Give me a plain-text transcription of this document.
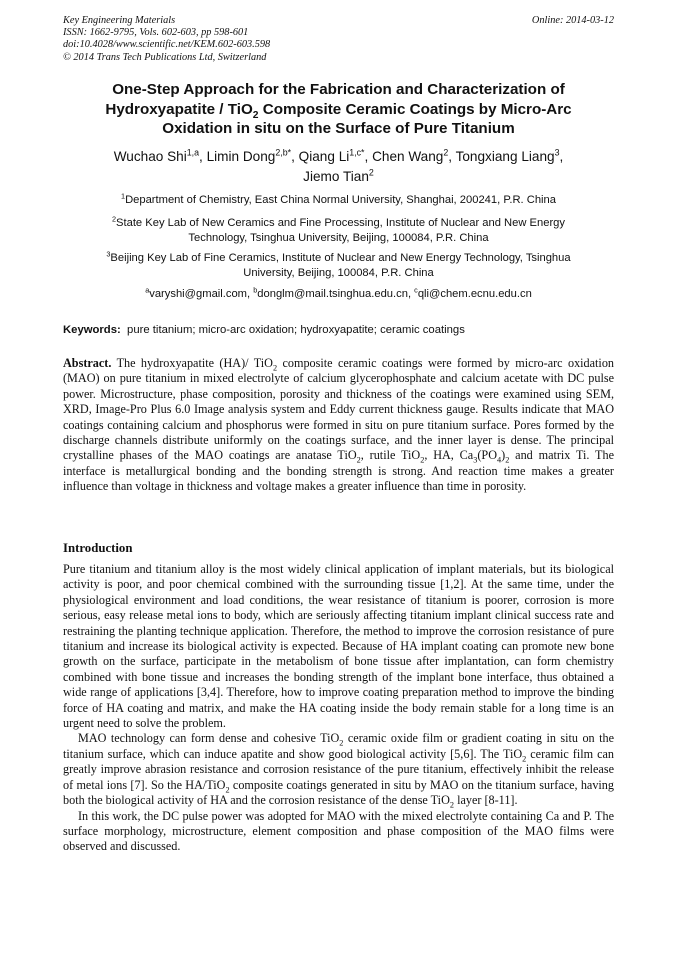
Key Engineering Materials
ISSN: 1662-9795, Vols. 602-603, pp 598-601
doi:10.4028/www.scientific.net/KEM.602-603.598
© 2014 Trans Tech Publications Ltd, Switzerland
Online: 2014-03-12
One-Step Approach for the Fabrication and Characterization of
Hydroxyapatite / TiO$_2$ Composite Ceramic Coatings by Micro-Arc
Oxidation in situ on the Surface of Pure Titanium
Wuchao Shi$^{1,a}$, Limin Dong$^{2,b*}$, Qiang $Li^{1,c*}$, Chen Wang$^2$, Tongxiang Liang$^3$,
Jiemo Tian$^2$
$^1$Department of Chemistry, East China Normal University, Shanghai, 200241, P.R. China
$^2$State Key Lab of New Ceramics and Fine Processing, Institute of Nuclear and New Energy
Technology, Tsinghua University, Beijing, 100084, P.R. China
$^3$Beijing Key Lab of Fine Ceramics, Institute of Nuclear and New Energy Technology, Tsinghua
University, Beijing, 100084, P.R. China
$^a$varyshi@gmail.com, $^b$donglm@mail.tsinghua.edu.cn, $^c$qli@chem.ecnu.edu.cn
Keywords: pure titanium; micro-arc oxidation; hydroxyapatite; ceramic coatings
Abstract. The hydroxyapatite (HA)/ TiO$_2$ composite ceramic coatings were formed by micro-arc oxidation (MAO) on pure titanium in mixed electrolyte of calcium glycerophosphate and calcium acetate with DC pulse power. Microstructure, phase composition, porosity and thickness of the coatings were examined using SEM, XRD, Image-Pro Plus 6.0 Image analysis system and Eddy current thickness gauge. Results indicate that MAO coatings containing calcium and phosphorus were formed in situ on pure titanium surface. Pores formed by the discharge channels distribute uniformly on the coatings surface, and the inner layer is dense. The principal crystalline phases of the MAO coatings are anatase TiO$_2$, rutile TiO$_2$, HA, $Ca_3(PO_4)_2$ and matrix Ti. The interface is metallurgical bonding and the bonding strength is strong. And reaction time makes a greater influence than voltage in thickness and voltage makes a greater influence than time in porosity.
Introduction

Pure titanium and titanium alloy is the most widely clinical application of implant materials, but its biological activity is poor, and poor chemical combined with the surrounding tissue [1,2]. At the same time, under the physiological environment and load conditions, the wear resistance of titanium is poorer, corrosion is more serious, easy release metal ions to body, which are seriously affecting titanium implant clinical success rate and restraining the planting technique application. Therefore, the method to improve the corrosion resistance of pure titanium and increase its biological activity is expected. Because of HA implant coating can promote new bone growth on the surface, participate in the metabolism of bone tissue after implantation, can form chemistry combined with bone tissue and increases the bonding strength of the implant bone interface, thus obtained a wide range of applications [3,4]. Therefore, how to improve coating preparation method to improve the binding force of HA coating and matrix, and make the HA coating inside the body remain stable for a long time is an urgent need to solve the problem.

MAO technology can form dense and cohesive TiO$_2$ ceramic oxide film or gradient coating in situ on the titanium surface, which can induce apatite and show good biological activity [5,6]. The TiO$_2$ ceramic film can greatly improve abrasion resistance and corrosion resistance of the pure titanium, effectively inhibit the release of metal ions [7]. So the HA/TiO$_2$ composite coatings generated in situ by MAO on the titanium surface, having both the biological activity of HA and the corrosion resistance of the dense TiO$_2$ layer [8-11].

In this work, the DC pulse power was adopted for MAO with the mixed electrolyte containing Ca and P. The surface morphology, microstructure, element composition and phase composition of the MAO films were observed and discussed.
